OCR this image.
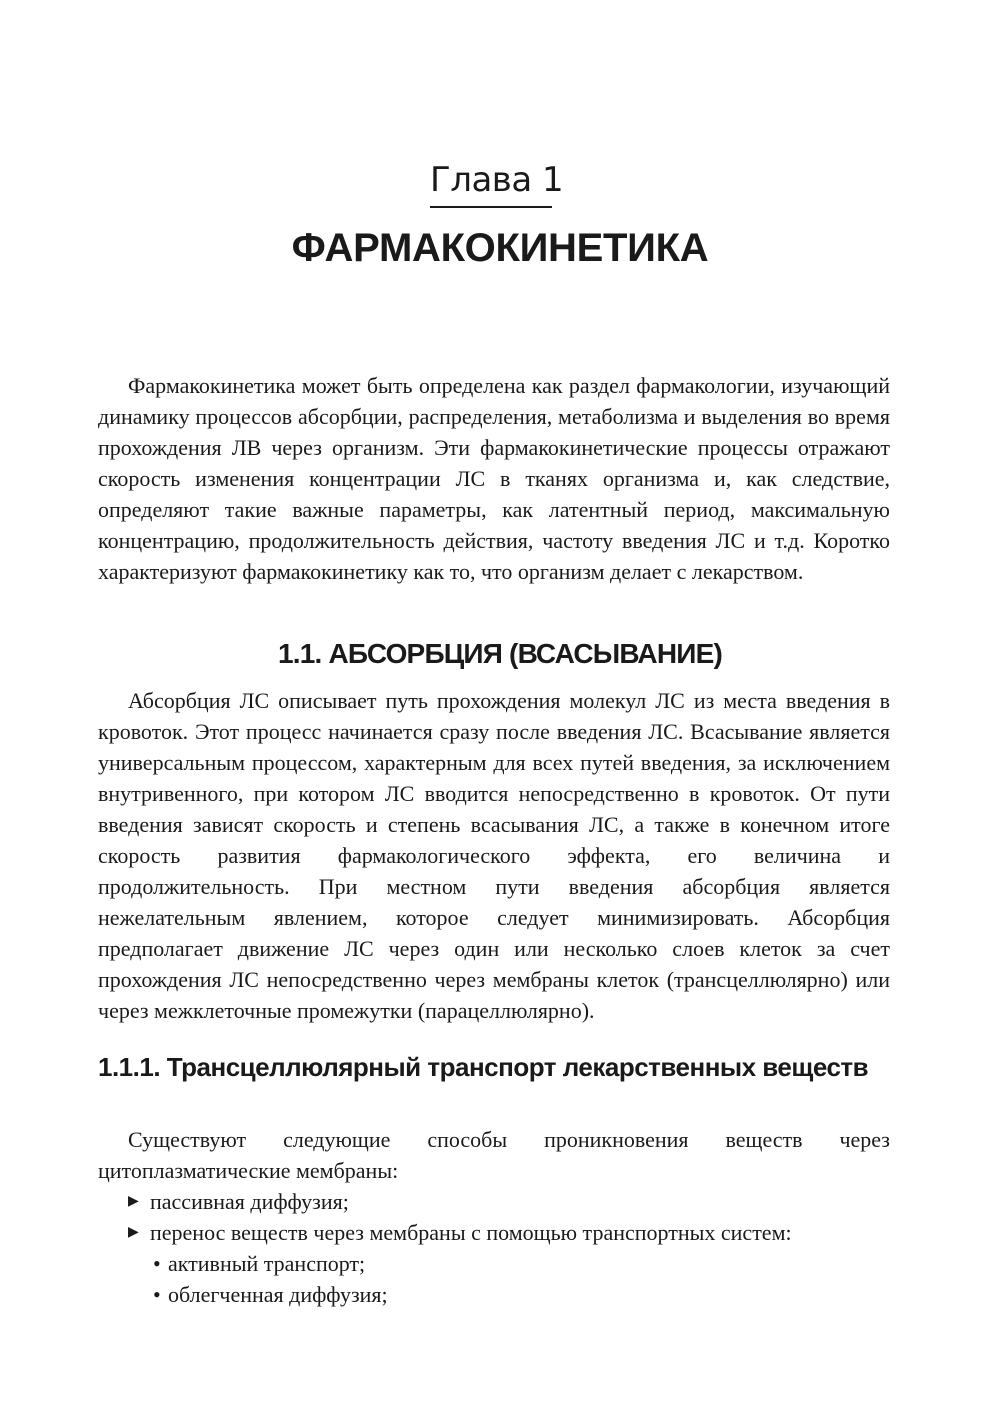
Глава 1
ФАРМАКОКИНЕТИКА

Фармакокинетика может быть определена как раздел фармакологии, изучающий динамику процессов абсорбции, распределения, метаболизма и выделения во время прохождения ЛВ через организм. Эти фармакокинетические процессы отражают скорость изменения концентрации ЛС в тканях организма и, как следствие, определяют такие важные параметры, как латентный период, максимальную концентрацию, продолжительность действия, частоту введения ЛС и т.д. Коротко характеризуют фармакокинетику как то, что организм делает с лекарством.

1.1. АБСОРБЦИЯ (ВСАСЫВАНИЕ)

Абсорбция ЛС описывает путь прохождения молекул ЛС из места введения в кровоток. Этот процесс начинается сразу после введения ЛС. Всасывание является универсальным процессом, характерным для всех путей введения, за исключением внутривенного, при котором ЛС вводится непосредственно в кровоток. От пути введения зависят скорость и степень всасывания ЛС, а также в конечном итоге скорость развития фармакологического эффекта, его величина и продолжительность. При местном пути введения абсорбция является нежелательным явлением, которое следует минимизировать. Абсорбция предполагает движение ЛС через один или несколько слоев клеток за счет прохождения ЛС непосредственно через мембраны клеток (трансцеллюлярно) или через межклеточные промежутки (парацеллюлярно).

1.1.1. Трансцеллюлярный транспорт лекарственных веществ

Существуют следующие способы проникновения веществ через цитоплазматические мембраны:

▶ пассивная диффузия;
▶ перенос веществ через мембраны с помощью транспортных систем:
• активный транспорт;
• облегченная диффузия;
